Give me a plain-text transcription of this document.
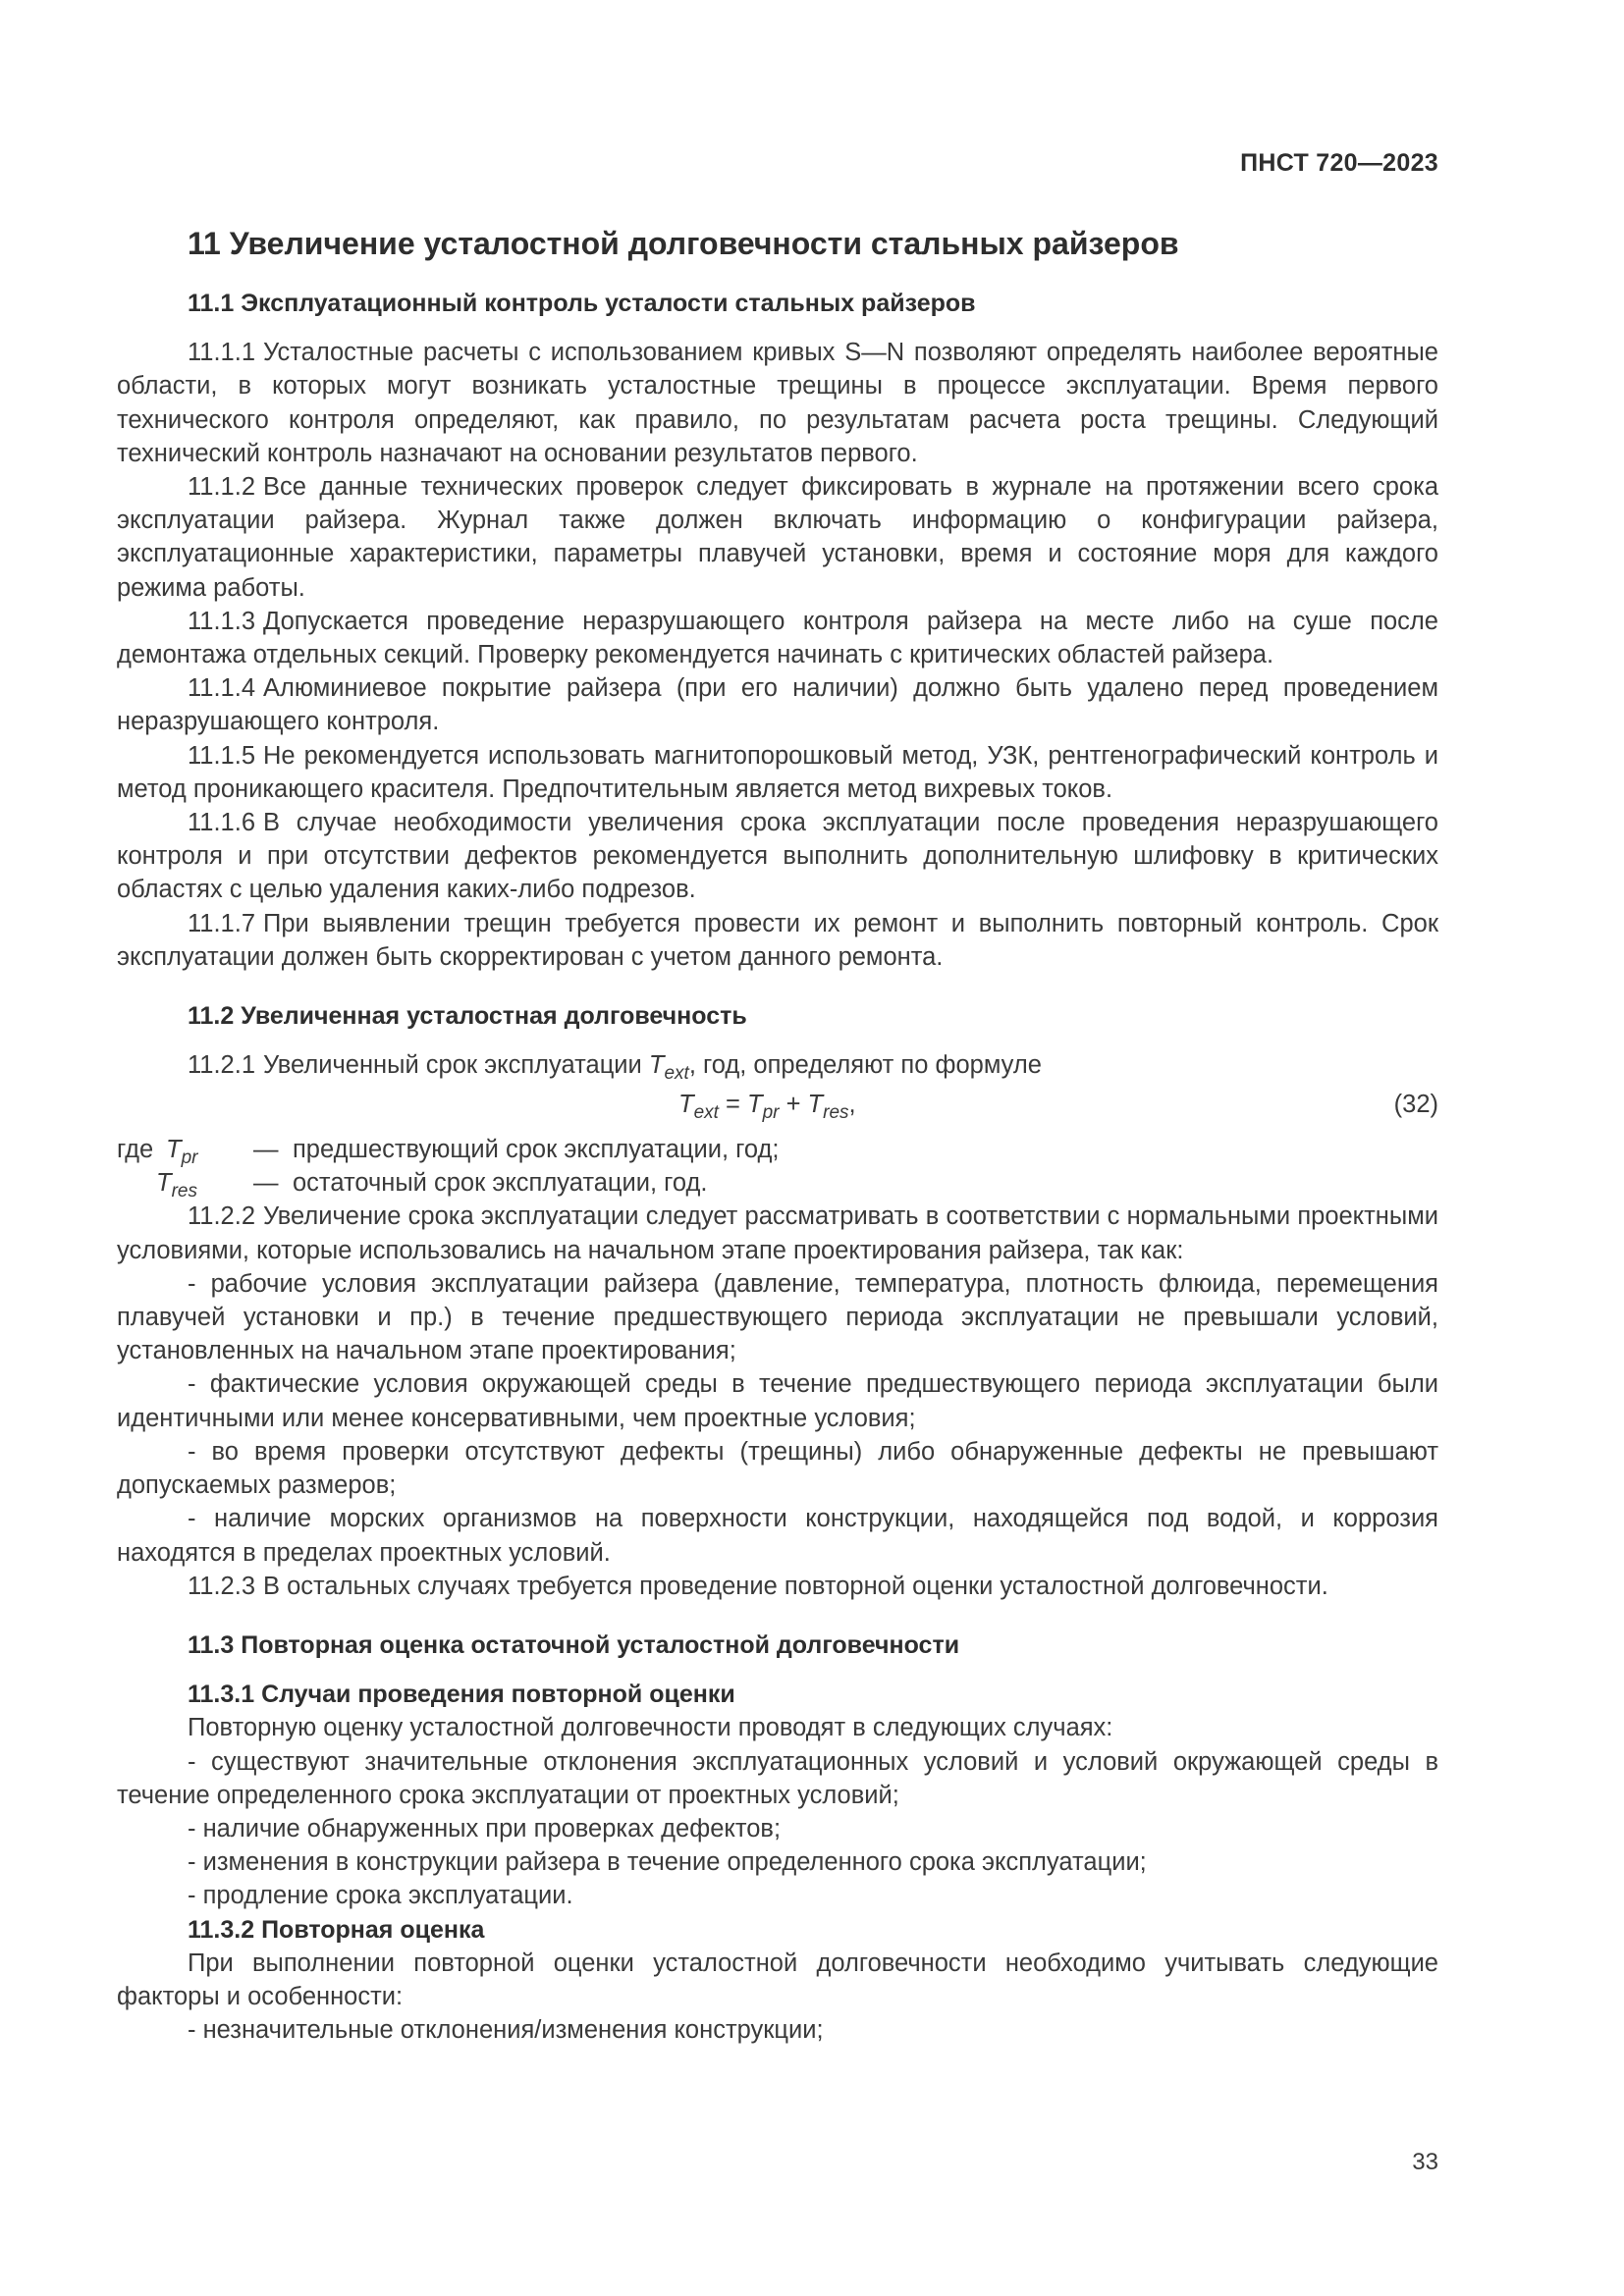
ПНСТ 720—2023
11 Увеличение усталостной долговечности стальных райзеров
11.1 Эксплуатационный контроль усталости стальных райзеров

11.1.1 Усталостные расчеты с использованием кривых S—N позволяют определять наиболее вероятные области, в которых могут возникать усталостные трещины в процессе эксплуатации. Время первого технического контроля определяют, как правило, по результатам расчета роста трещины. Следующий технический контроль назначают на основании результатов первого.

11.1.2 Все данные технических проверок следует фиксировать в журнале на протяжении всего срока эксплуатации райзера. Журнал также должен включать информацию о конфигурации райзера, эксплуатационные характеристики, параметры плавучей установки, время и состояние моря для каждого режима работы.

11.1.3 Допускается проведение неразрушающего контроля райзера на месте либо на суше после демонтажа отдельных секций. Проверку рекомендуется начинать с критических областей райзера.

11.1.4 Алюминиевое покрытие райзера (при его наличии) должно быть удалено перед проведением неразрушающего контроля.

11.1.5 Не рекомендуется использовать магнитопорошковый метод, УЗК, рентгенографический контроль и метод проникающего красителя. Предпочтительным является метод вихревых токов.

11.1.6 В случае необходимости увеличения срока эксплуатации после проведения неразрушающего контроля и при отсутствии дефектов рекомендуется выполнить дополнительную шлифовку в критических областях с целью удаления каких-либо подрезов.

11.1.7 При выявлении трещин требуется провести их ремонт и выполнить повторный контроль. Срок эксплуатации должен быть скорректирован с учетом данного ремонта.

11.2 Увеличенная усталостная долговечность

11.2.1 Увеличенный срок эксплуатации $T_{ext}$, год, определяют по формуле

$T_{ext} = T_{pr} + T_{res}$,	(32)
где $T_{pr}$ — предшествующий срок эксплуатации, год;
$T_{res}$ — остаточный срок эксплуатации, год.

11.2.2 Увеличение срока эксплуатации следует рассматривать в соответствии с нормальными проектными условиями, которые использовались на начальном этапе проектирования райзера, так как:

- рабочие условия эксплуатации райзера (давление, температура, плотность флюида, перемещения плавучей установки и пр.) в течение предшествующего периода эксплуатации не превышали условий, установленных на начальном этапе проектирования;

- фактические условия окружающей среды в течение предшествующего периода эксплуатации были идентичными или менее консервативными, чем проектные условия;

- во время проверки отсутствуют дефекты (трещины) либо обнаруженные дефекты не превышают допускаемых размеров;

- наличие морских организмов на поверхности конструкции, находящейся под водой, и коррозия находятся в пределах проектных условий.

11.2.3 В остальных случаях требуется проведение повторной оценки усталостной долговечности.

11.3 Повторная оценка остаточной усталостной долговечности
11.3.1 Случаи проведения повторной оценки

Повторную оценку усталостной долговечности проводят в следующих случаях:

- существуют значительные отклонения эксплуатационных условий и условий окружающей среды в течение определенного срока эксплуатации от проектных условий;

- наличие обнаруженных при проверках дефектов;

- изменения в конструкции райзера в течение определенного срока эксплуатации;

- продление срока эксплуатации.

11.3.2 Повторная оценка

При выполнении повторной оценки усталостной долговечности необходимо учитывать следующие факторы и особенности:

- незначительные отклонения/изменения конструкции;

33
